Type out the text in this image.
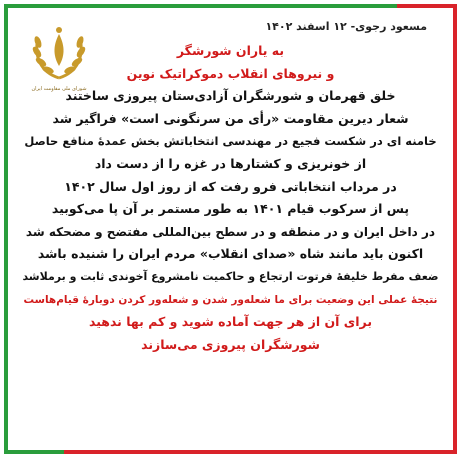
شورای ملی مقاومت ایران
مسعود رجوی- ۱۲ اسفند ۱۴۰۲
به یاران شورشگر
و نیروهای انقلاب دموکراتیک نوین
خلق قهرمان و شورشگران آزادی‌ستان پیروزی ساختند
شعار دیرین مقاومت «رأی من سرنگونی است» فراگیر شد
خامنه ای در شکست فجیع در مهندسی انتخاباتش بخش عمدهٔ منافع حاصل
از خونریزی و کشتارها در غزه را از دست داد
در مرداب انتخاباتی فرو رفت که از روز اول سال ۱۴۰۲
پس از سرکوب قیام ۱۴۰۱ به طور مستمر بر آن پا می‌کوبید
در داخل ایران و در منطقه و در سطح بین‌المللی مفتضح و مضحکه شد
اکنون باید مانند شاه «صدای انقلاب» مردم ایران را شنیده باشد
ضعف مفرط خلیفهٔ فرتوت ارتجاع و حاکمیت نامشروع آخوندی ثابت و برملاشد
نتیجهٔ عملی این وضعیت برای ما شعله‌ور شدن و شعله‌ور کردن دوبارهٔ قیام‌هاست
برای آن از هر جهت آماده شوید و کم بها ندهید
شورشگران پیروزی می‌سازند
